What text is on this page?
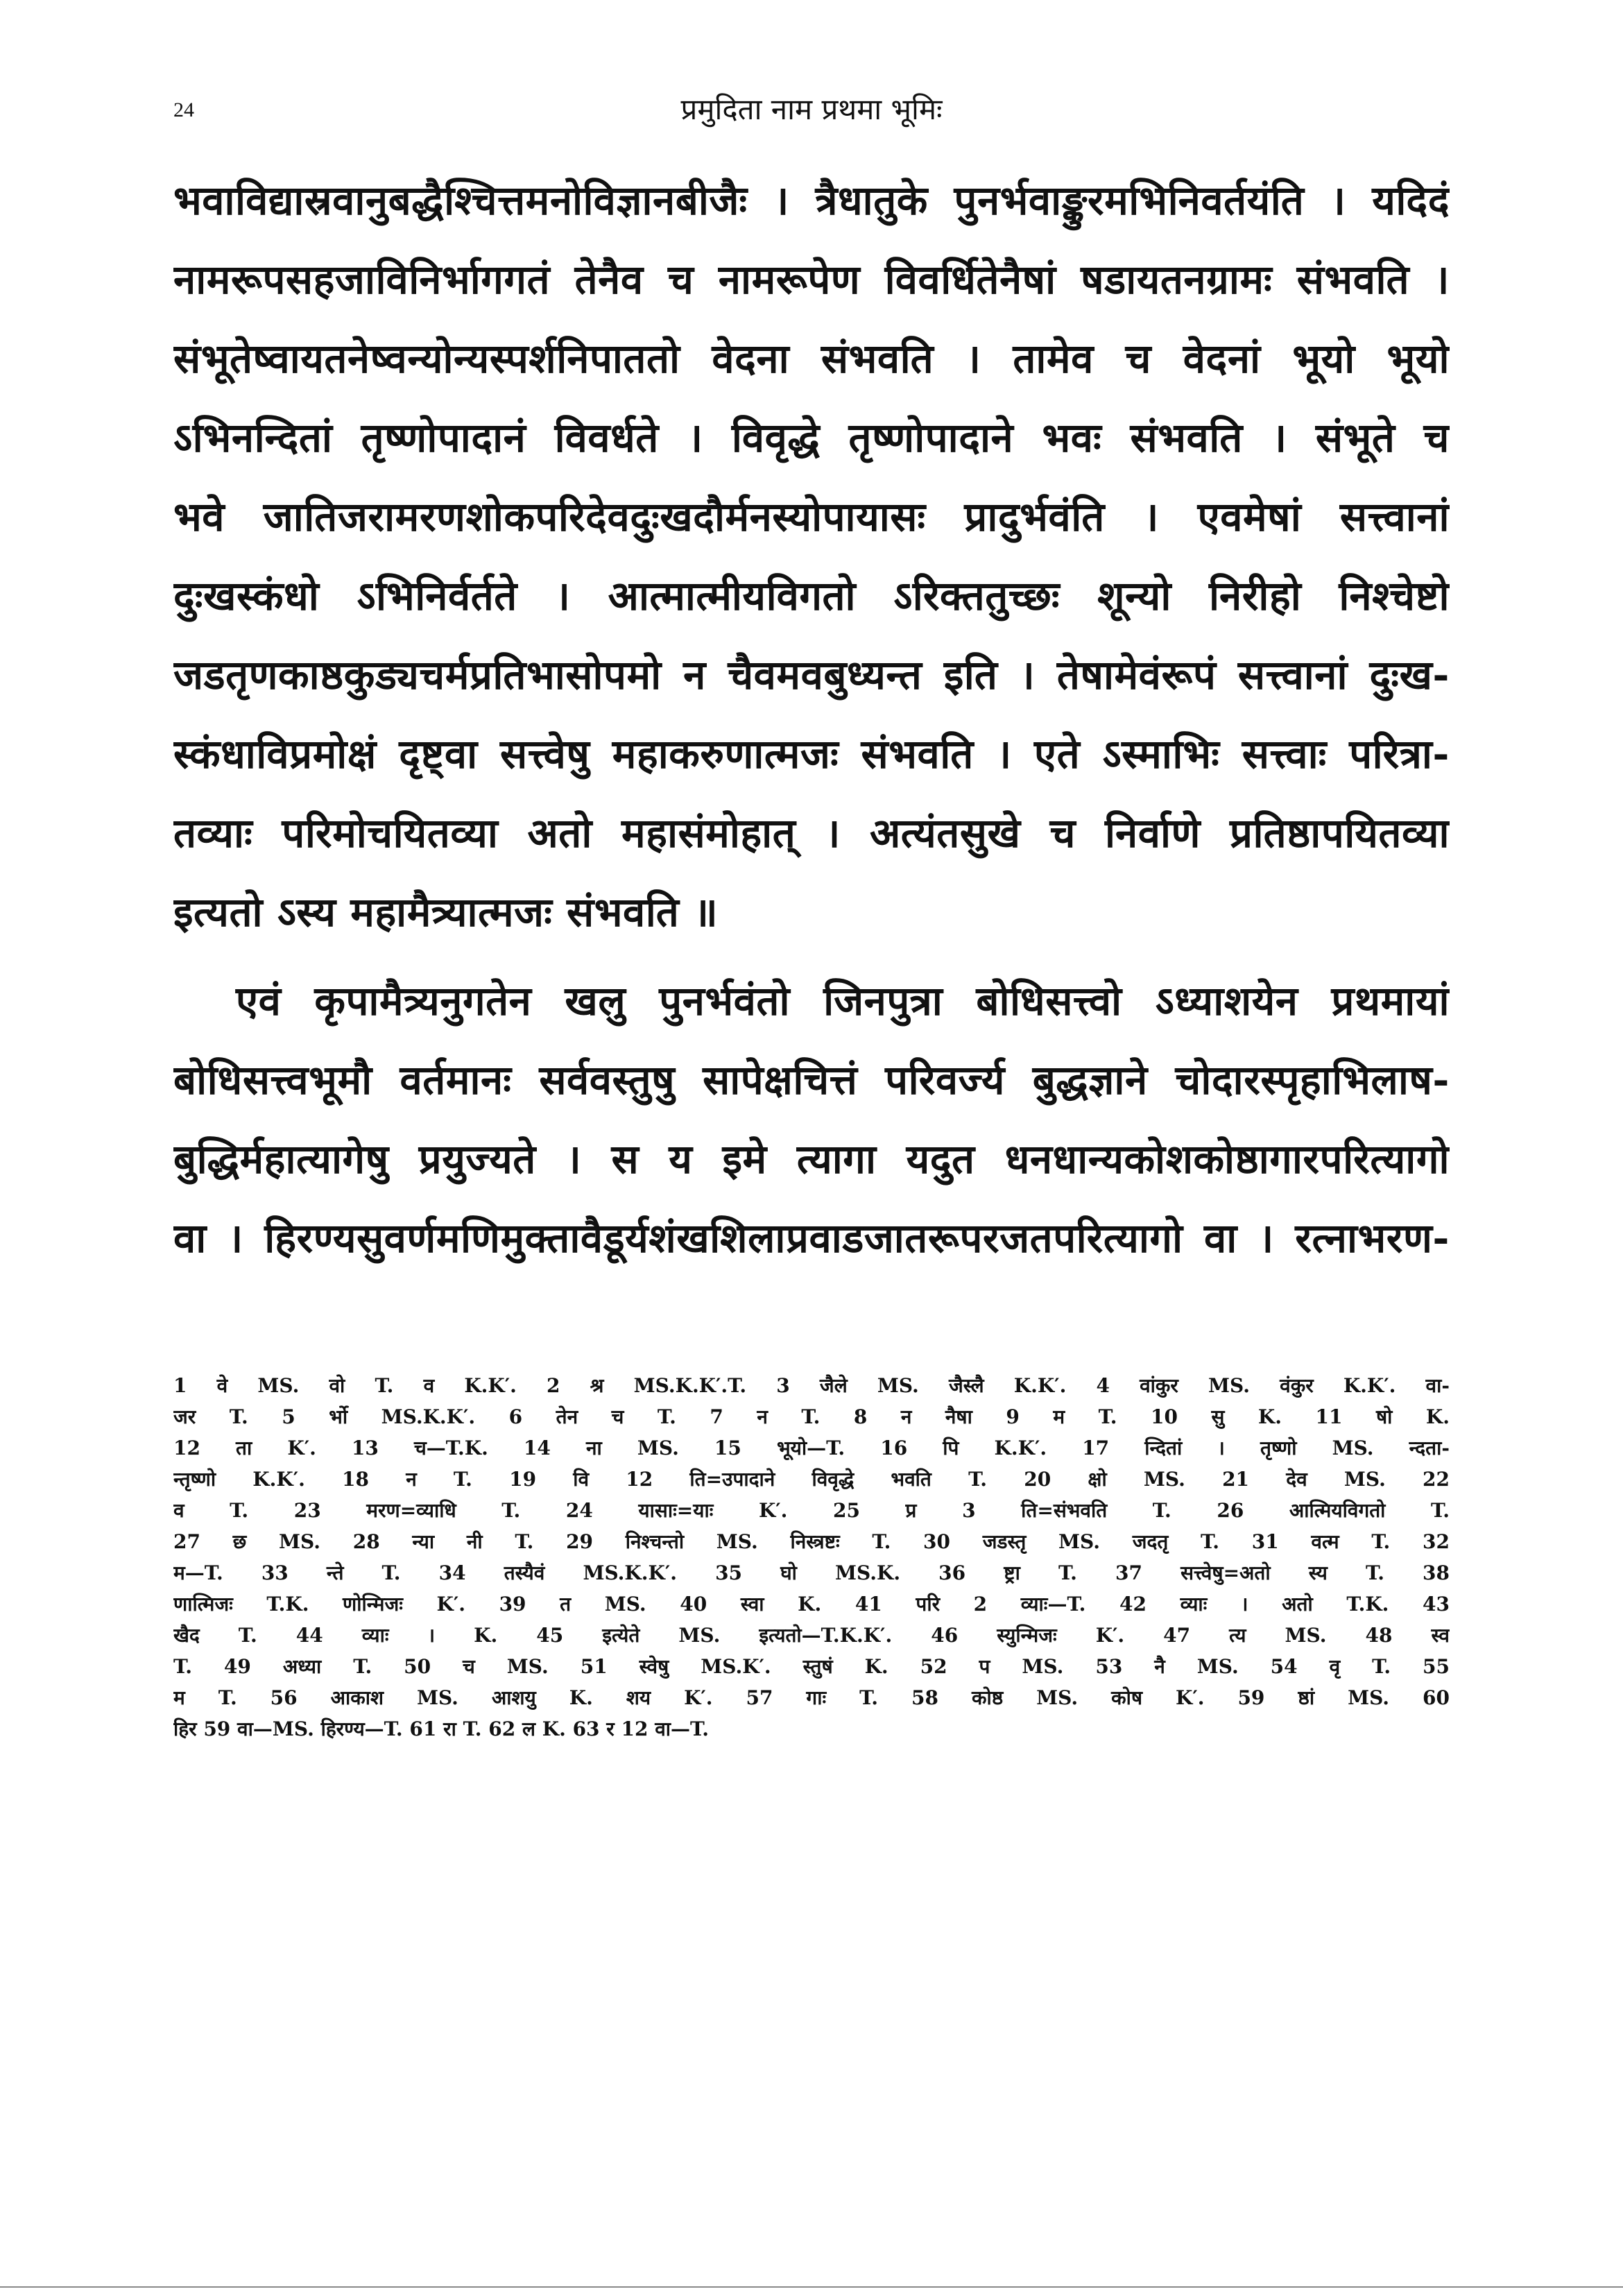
24	प्रमुदिता नाम प्रथमा भूमिः
भवाविद्यास्रवानुबद्धैश्चित्तमनोविज्ञानबीजैः । त्रैधातुके पुनर्भवाङ्कुरमभिनिवर्तयंति । यदिदं
नामरूपसहजाविनिर्भागगतं तेनैव च नामरूपेण विवर्धितेनैषां षडायतनग्रामः संभवति ।
संभूतेष्वायतनेष्वन्योन्यस्पर्शनिपाततो वेदना संभवति । तामेव च वेदनां भूयो भूयो
ऽभिनन्दितां तृष्णोपादानं विवर्धते । विवृद्धे तृष्णोपादाने भवः संभवति । संभूते च
भवे जातिजरामरणशोकपरिदेवदुःखदौर्मनस्योपायासः प्रादुर्भवंति । एवमेषां सत्त्वानां
दुःखस्कंधो ऽभिनिर्वर्तते । आत्मात्मीयविगतो ऽरिक्ततुच्छः शून्यो निरीहो निश्चेष्टो
जडतृणकाष्ठकुड्यचर्मप्रतिभासोपमो न चैवमवबुध्यन्त इति । तेषामेवंरूपं सत्त्वानां दुःख-
स्कंधाविप्रमोक्षं दृष्ट्वा सत्त्वेषु महाकरुणात्मजः संभवति । एते ऽस्माभिः सत्त्वाः परित्रा-
तव्याः परिमोचयितव्या अतो महासंमोहात् । अत्यंतसुखे च निर्वाणे प्रतिष्ठापयितव्या
इत्यतो ऽस्य महामैत्र्यात्मजः संभवति ॥
एवं कृपामैत्र्यनुगतेन खलु पुनर्भवंतो जिनपुत्रा बोधिसत्त्वो ऽध्याशयेन प्रथमायां
बोधिसत्त्वभूमौ वर्तमानः सर्ववस्तुषु सापेक्षचित्तं परिवर्ज्य बुद्धज्ञाने चोदारस्पृहाभिलाष-
बुद्धिर्महात्यागेषु प्रयुज्यते । स य इमे त्यागा यदुत धनधान्यकोशकोष्ठागारपरित्यागो
वा । हिरण्यसुवर्णमणिमुक्तावैडूर्यशंखशिलाप्रवाडजातरूपरजतपरित्यागो वा । रत्नाभरण-
1 वे MS. वो T. व K.K′. 2 श्र MS.K.K′.T. 3 जैले MS. जैस्लै K.K′. 4 वांकुर MS. वंकुर K.K′. वा-
जर T. 5 र्भो MS.K.K′. 6 तेन च T. 7 न T. 8 न नैषा 9 म T. 10 सु K. 11 षो K.
12 ता K′. 13 च—T.K. 14 ना MS. 15 भूयो—T. 16 पि K.K′. 17 न्दितां । तृष्णो MS. न्दता-
न्तृष्णो K.K′. 18 न T. 19 वि 12 ति=उपादाने विवृद्धे भवति T. 20 क्षो MS. 21 देव MS. 22
व T. 23 मरण=व्याधि T. 24 यासाः=याः K′. 25 प्र 3 ति=संभवति T. 26 आत्मियविगतो T.
27 छ MS. 28 न्या नी T. 29 निश्चन्तो MS. निस्त्रष्टः T. 30 जडस्तृ MS. जदतृ T. 31 वत्म T. 32
म—T. 33 न्ते T. 34 तस्यैवं MS.K.K′. 35 घो MS.K. 36 ष्ट्रा T. 37 सत्त्वेषु=अतो स्य T. 38
णात्मिजः T.K. णोन्मिजः K′. 39 त MS. 40 स्वा K. 41 परि 2 व्याः—T. 42 व्याः । अतो T.K. 43
खैद T. 44 व्याः । K. 45 इत्येते MS. इत्यतो—T.K.K′. 46 स्युन्मिजः K′. 47 त्य MS. 48 स्व
T. 49 अध्या T. 50 च MS. 51 स्वेषु MS.K′. स्तुषं K. 52 प MS. 53 नै MS. 54 वृ T. 55
म T. 56 आकाश MS. आशयु K. शय K′. 57 गाः T. 58 कोष्ठ MS. कोष K′. 59 ष्ठां MS. 60
हिर 59 वा—MS. हिरण्य—T. 61 रा T. 62 ल K. 63 र 12 वा—T.
